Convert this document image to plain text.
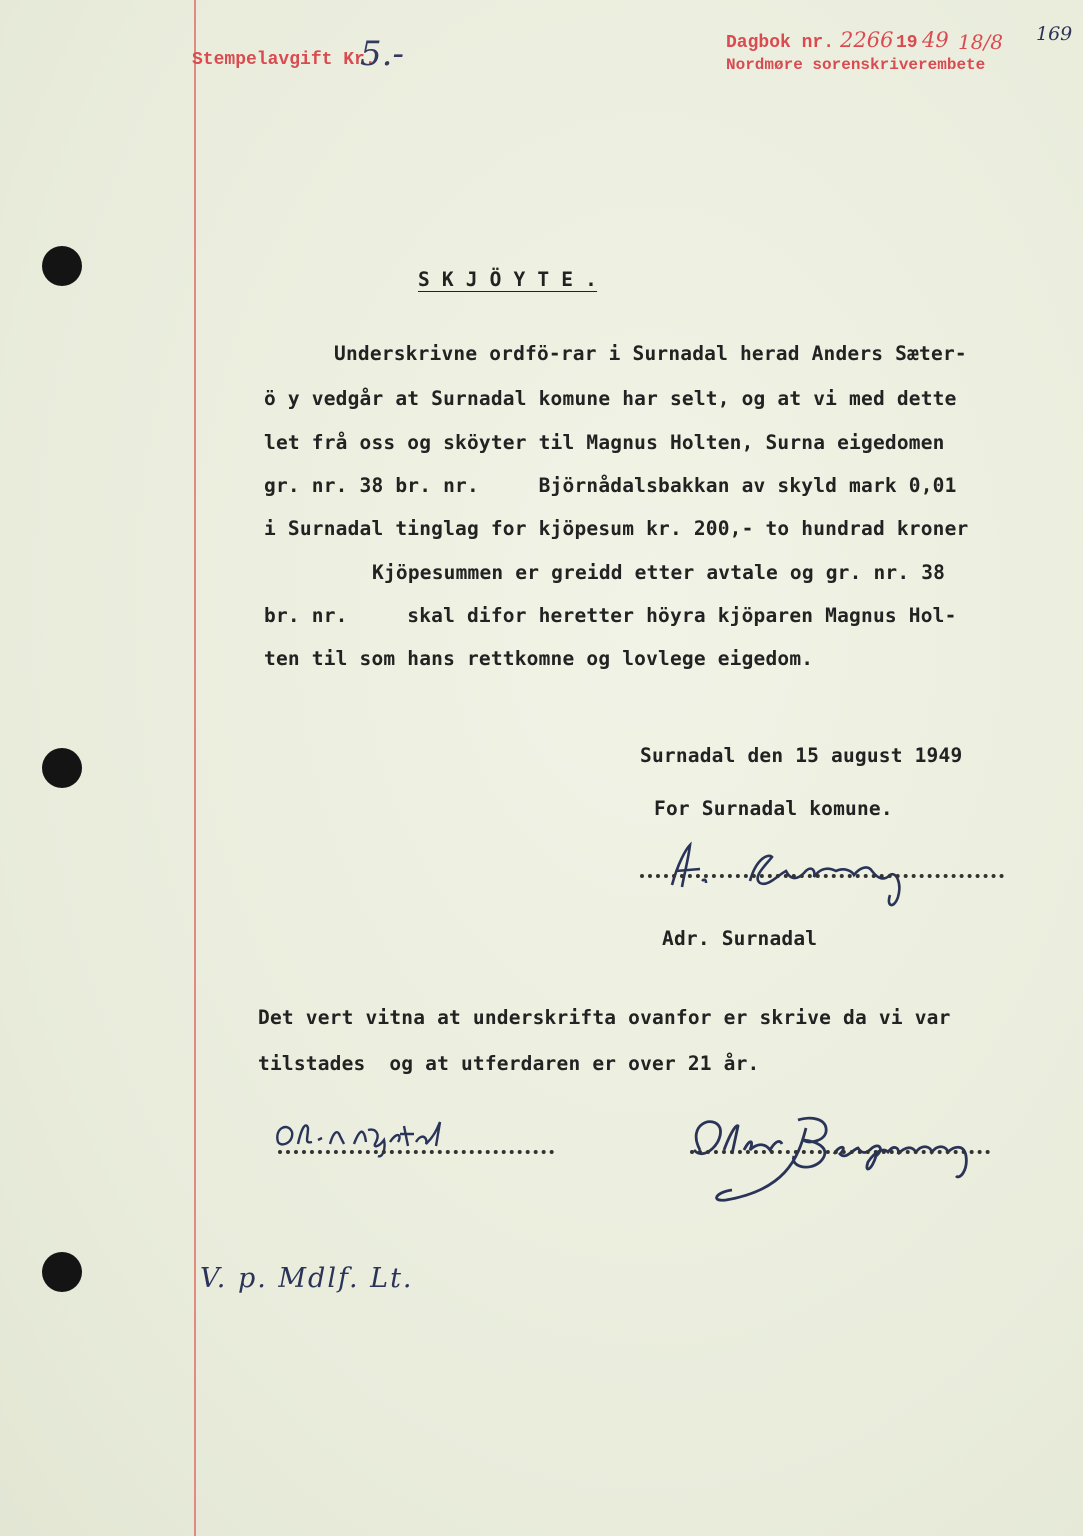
Stempelavgift Kr.
5.-	Dagbok nr. 2266 19 49 18/8 169
Nordmøre sorenskriverembete
S K J Ö Y T E .
Underskrivne ordfö-rar i Surnadal herad Anders Sæter-
ö y vedgår at Surnadal komune har selt, og at vi med dette
let frå oss og sköyter til Magnus Holten, Surna eigedomen
gr. nr. 38 br. nr.     Björnådalsbakkan av skyld mark 0,01
i Surnadal tinglag for kjöpesum kr. 200,- to hundrad kroner
Kjöpesummen er greidd etter avtale og gr. nr. 38
br. nr.     skal difor heretter höyra kjöparen Magnus Hol-
ten til som hans rettkomne og lovlege eigedom.
Surnadal den 15 august 1949
For Surnadal komune.
Adr. Surnadal
Det vert vitna at underskrifta ovanfor er skrive da vi var
tilstades  og at utferdaren er over 21 år.
V. p. Mdlf. Lt.
